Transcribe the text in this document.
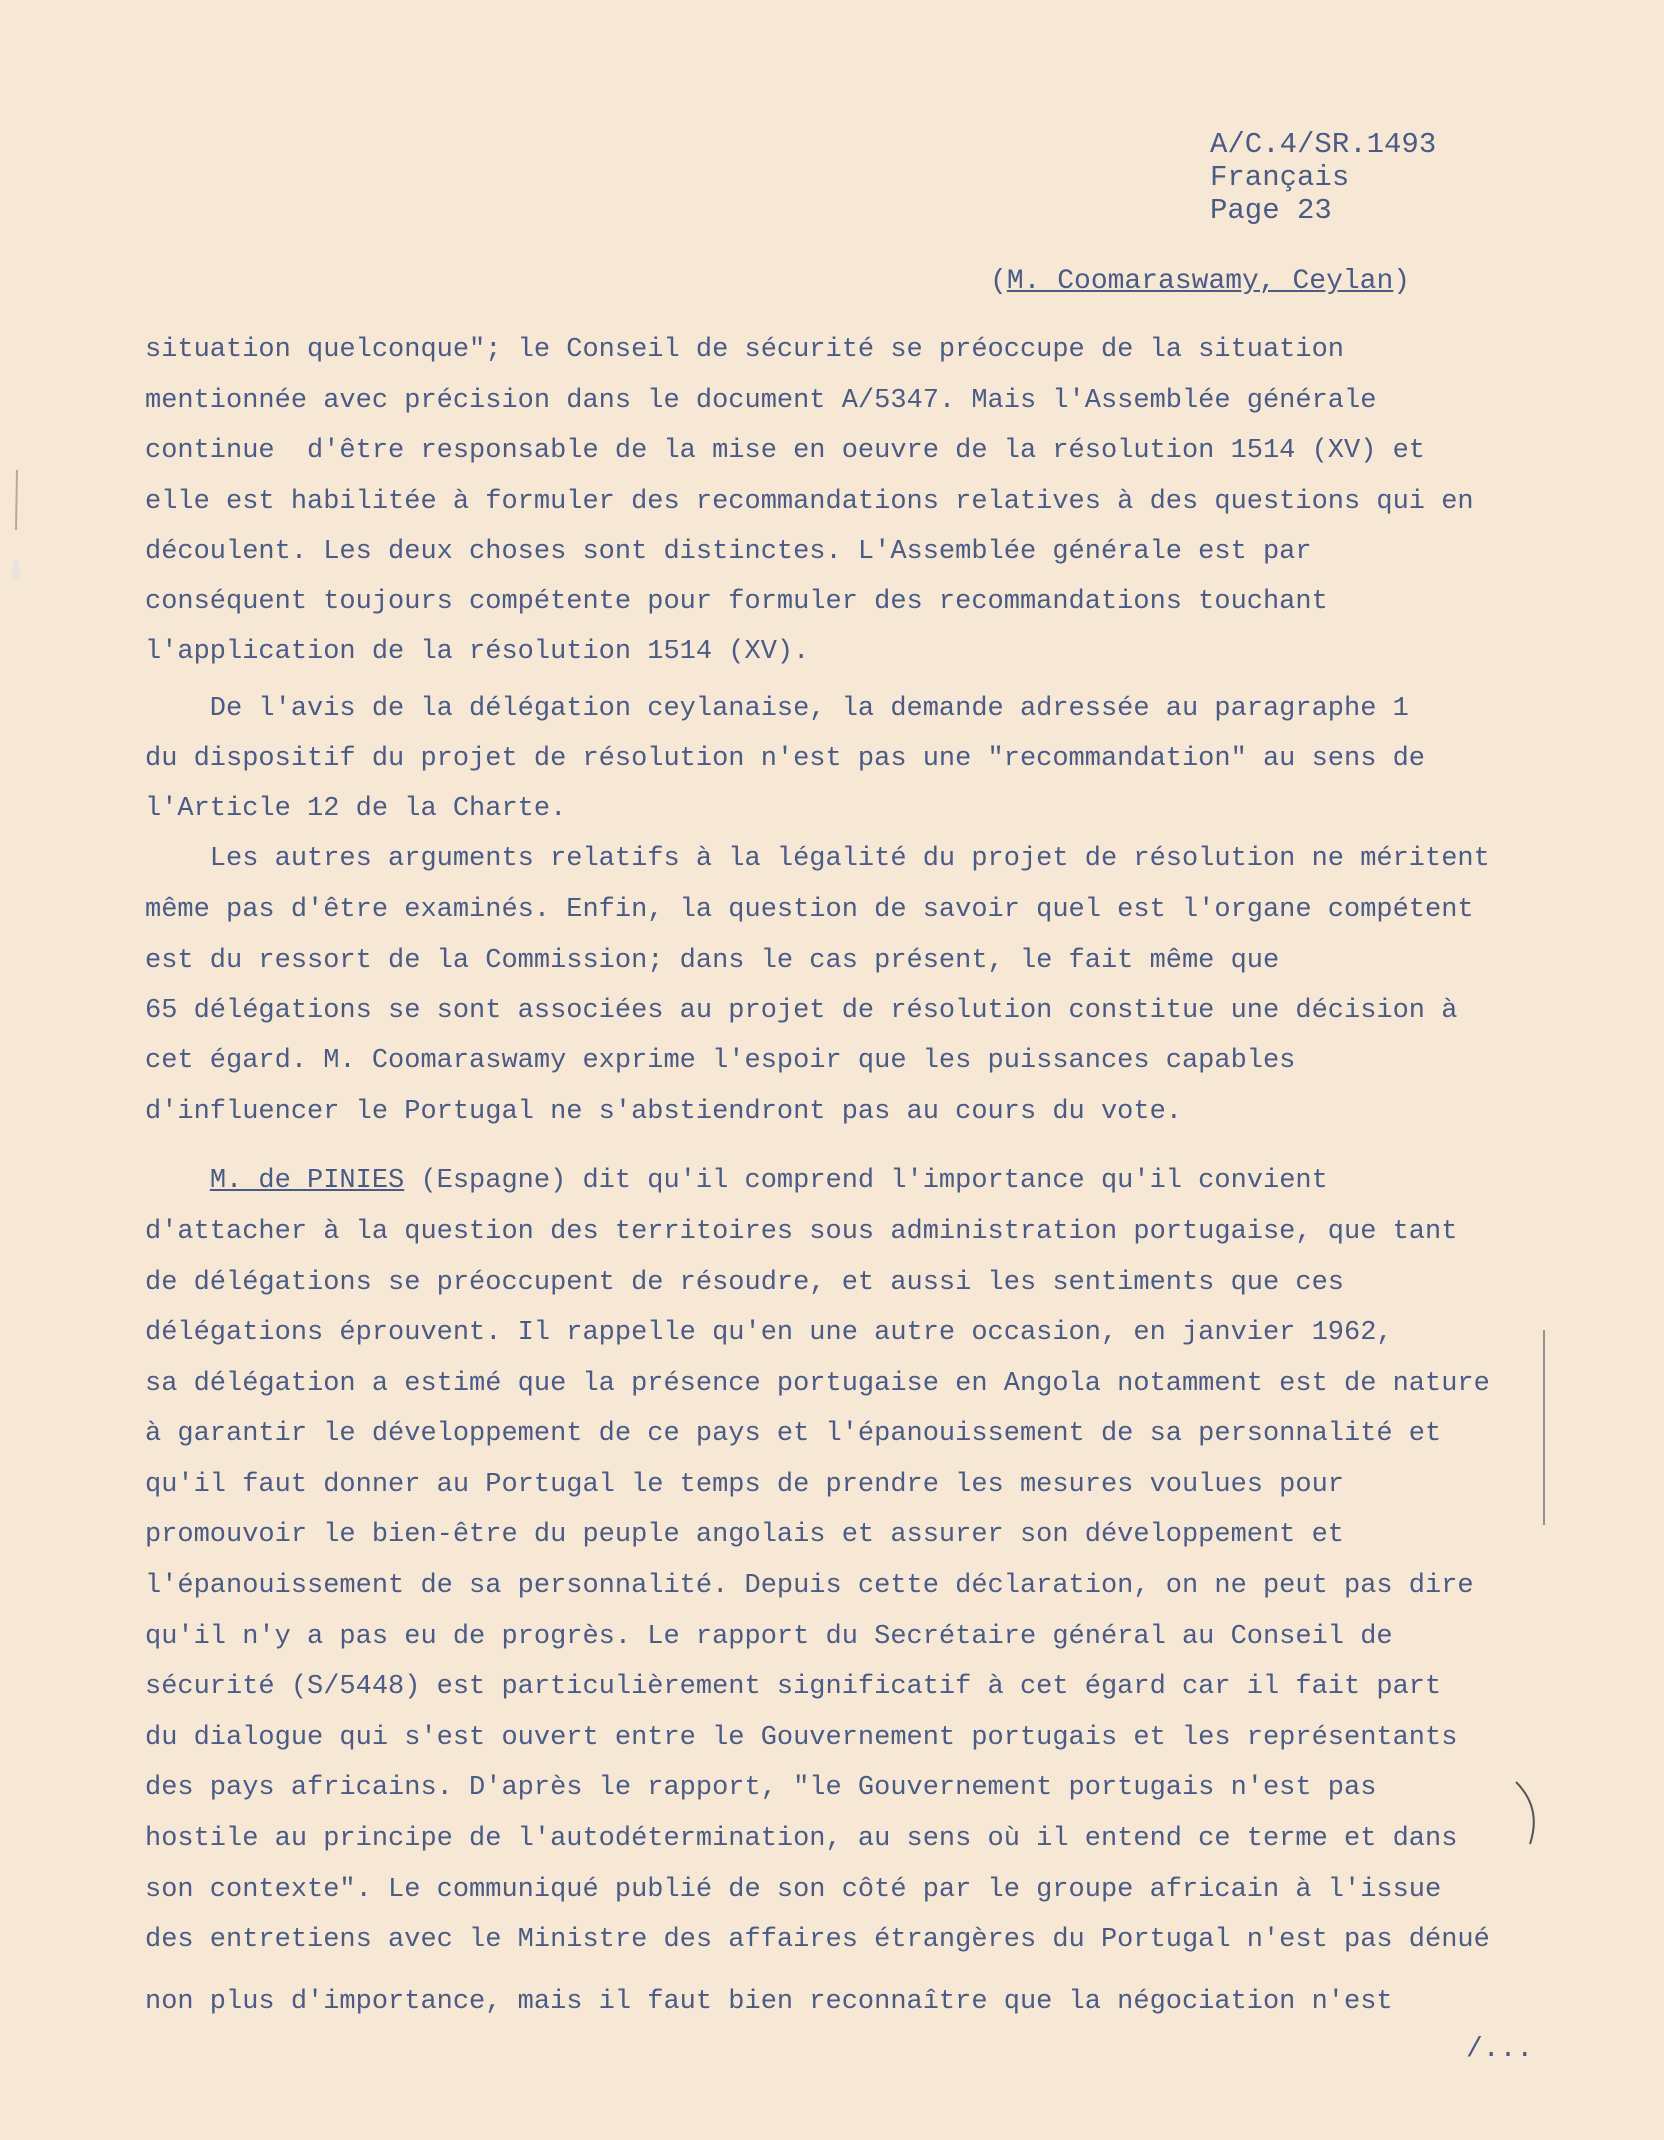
A/C.4/SR.1493
Français
Page 23
(M. Coomaraswamy, Ceylan)
situation quelconque"; le Conseil de sécurité se préoccupe de la situation
mentionnée avec précision dans le document A/5347. Mais l'Assemblée générale
continue  d'être responsable de la mise en oeuvre de la résolution 1514 (XV) et
elle est habilitée à formuler des recommandations relatives à des questions qui en
découlent. Les deux choses sont distinctes. L'Assemblée générale est par
conséquent toujours compétente pour formuler des recommandations touchant
l'application de la résolution 1514 (XV).
De l'avis de la délégation ceylanaise, la demande adressée au paragraphe 1
du dispositif du projet de résolution n'est pas une "recommandation" au sens de
l'Article 12 de la Charte.
Les autres arguments relatifs à la légalité du projet de résolution ne méritent
même pas d'être examinés. Enfin, la question de savoir quel est l'organe compétent
est du ressort de la Commission; dans le cas présent, le fait même que
65 délégations se sont associées au projet de résolution constitue une décision à
cet égard. M. Coomaraswamy exprime l'espoir que les puissances capables
d'influencer le Portugal ne s'abstiendront pas au cours du vote.
M. de PINIES (Espagne) dit qu'il comprend l'importance qu'il convient
d'attacher à la question des territoires sous administration portugaise, que tant
de délégations se préoccupent de résoudre, et aussi les sentiments que ces
délégations éprouvent. Il rappelle qu'en une autre occasion, en janvier 1962,
sa délégation a estimé que la présence portugaise en Angola notamment est de nature
à garantir le développement de ce pays et l'épanouissement de sa personnalité et
qu'il faut donner au Portugal le temps de prendre les mesures voulues pour
promouvoir le bien-être du peuple angolais et assurer son développement et
l'épanouissement de sa personnalité. Depuis cette déclaration, on ne peut pas dire
qu'il n'y a pas eu de progrès. Le rapport du Secrétaire général au Conseil de
sécurité (S/5448) est particulièrement significatif à cet égard car il fait part
du dialogue qui s'est ouvert entre le Gouvernement portugais et les représentants
des pays africains. D'après le rapport, "le Gouvernement portugais n'est pas
hostile au principe de l'autodétermination, au sens où il entend ce terme et dans
son contexte". Le communiqué publié de son côté par le groupe africain à l'issue
des entretiens avec le Ministre des affaires étrangères du Portugal n'est pas dénué
non plus d'importance, mais il faut bien reconnaître que la négociation n'est
/...
